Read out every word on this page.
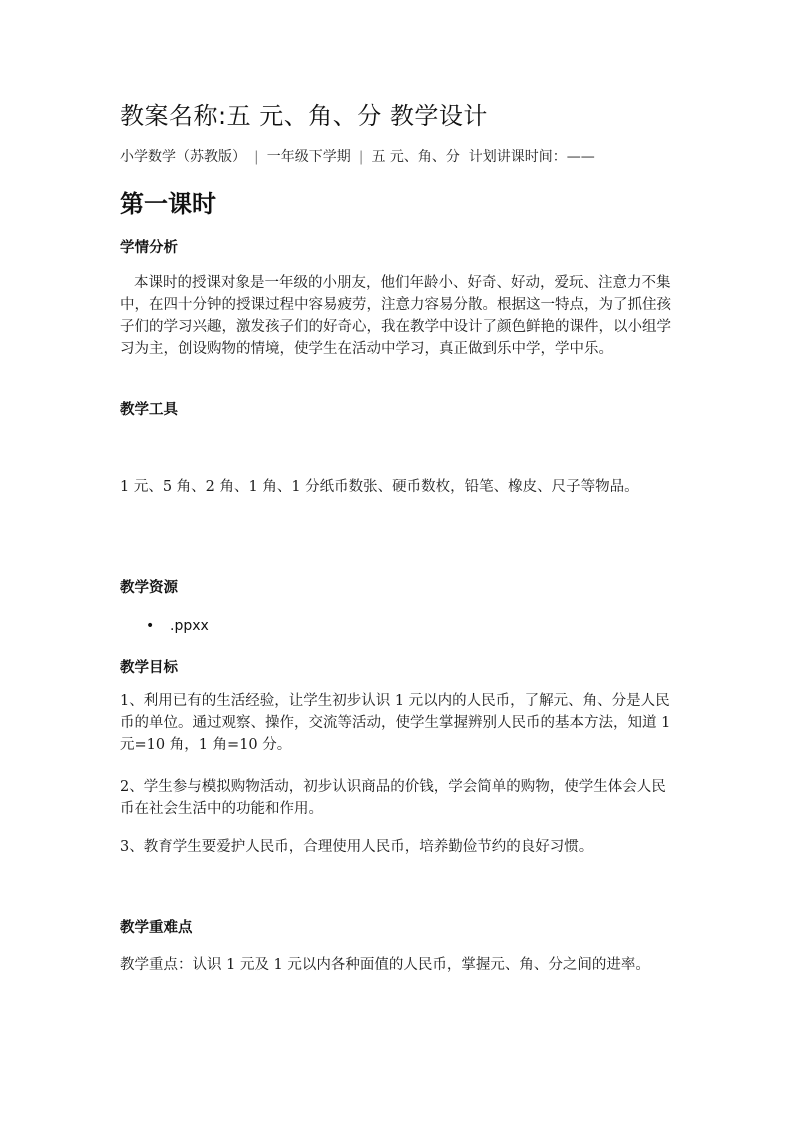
教案名称:五 元、角、分 教学设计
小学数学（苏教版） | 一年级下学期 | 五 元、角、分 计划讲课时间：——
第一课时
学情分析

本课时的授课对象是一年级的小朋友，他们年龄小、好奇、好动，爱玩、注意力不集中，在四十分钟的授课过程中容易疲劳，注意力容易分散。根据这一特点，为了抓住孩子们的学习兴趣，激发孩子们的好奇心，我在教学中设计了颜色鲜艳的课件，以小组学习为主，创设购物的情境，使学生在活动中学习，真正做到乐中学，学中乐。

教学工具

1 元、5 角、2 角、1 角、1 分纸币数张、硬币数枚，铅笔、橡皮、尺子等物品。

教学资源
• .ppxx
教学目标

1、利用已有的生活经验，让学生初步认识 1 元以内的人民币，了解元、角、分是人民币的单位。通过观察、操作，交流等活动，使学生掌握辨别人民币的基本方法，知道 1 元=10 角，1 角=10 分。

2、学生参与模拟购物活动，初步认识商品的价钱，学会简单的购物，使学生体会人民币在社会生活中的功能和作用。

3、教育学生要爱护人民币，合理使用人民币，培养勤俭节约的良好习惯。

教学重难点

教学重点：认识 1 元及 1 元以内各种面值的人民币，掌握元、角、分之间的进率。
